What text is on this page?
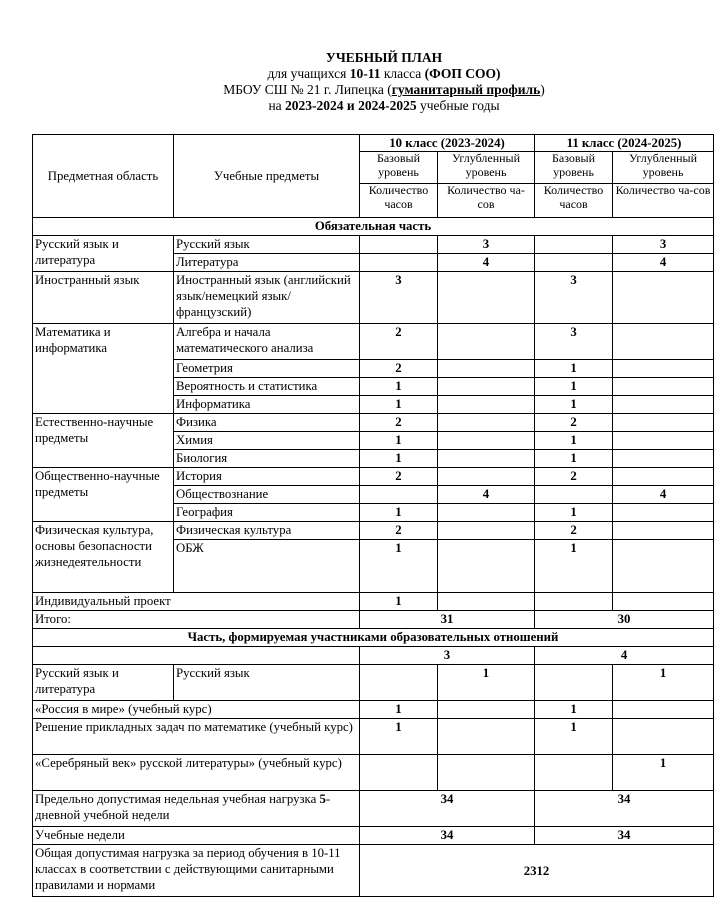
УЧЕБНЫЙ ПЛАН
для учащихся 10-11 класса (ФОП СОО)
МБОУ СШ № 21 г. Липецка (гуманитарный профиль)
на 2023-2024 и 2024-2025 учебные годы
Предметная область	Учебные предметы	10 класс (2023-2024)		11 класс (2024-2025)	
		Базовый уровень	Углубленный уровень	Базовый уровень	Углубленный уровень
		Количество часов	Количество ча-сов	Количество часов	Количество ча-сов
Обязательная часть					
Русский язык и литература	Русский язык		3		3
	Литература		4		4
Иностранный язык	Иностранный язык (английский язык/немецкий язык/ французский)	3		3	
Математика и информатика	Алгебра и начала математического анализа	2		3	
	Геометрия	2		1	
	Вероятность и статистика	1		1	
	Информатика	1		1	
Естественно-научные предметы	Физика	2		2	
	Химия	1		1	
	Биология	1		1	
Общественно-научные предметы	История	2		2	
	Обществознание		4		4
	География	1		1	
Физическая культура, основы безопасности жизнедеятельности	Физическая культура	2		2	
	ОБЖ	1		1	
Индивидуальный проект		1			
Итого:		31		30	
Часть, формируемая участниками образовательных отношений					
		3		4	
Русский язык и литература	Русский язык		1		1
«Россия в мире» (учебный курс)		1		1	
Решение прикладных задач по математике (учебный курс)		1		1	
«Серебряный век» русской литературы» (учебный курс)					1
Предельно допустимая недельная учебная нагрузка 5-дневной учебной недели		34		34	
Учебные недели		34		34	
Общая допустимая нагрузка за период обучения в 10-11 классах в соответствии с действующими санитарными правилами и нормами		2312			
